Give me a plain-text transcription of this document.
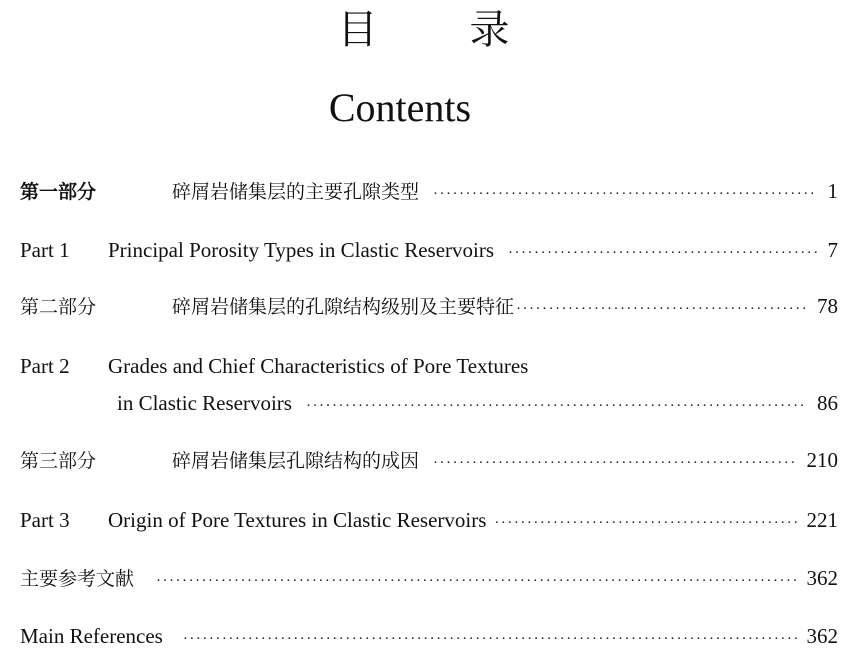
目 录
Contents
第一部分	碎屑岩储集层的主要孔隙类型 ·····	1
Part 1	Principal Porosity Types in Clastic Reservoirs ·····	7
第二部分	碎屑岩储集层的孔隙结构级别及主要特征 ·····	78
Part 2 Grades and Chief Characteristics of Pore Textures
in Clastic Reservoirs ·····	86
第三部分	碎屑岩储集层孔隙结构的成因 ·····	210
Part 3	Origin of Pore Textures in Clastic Reservoirs ·····	221
主要参考文献 ·····	362
Main References ·····	362
